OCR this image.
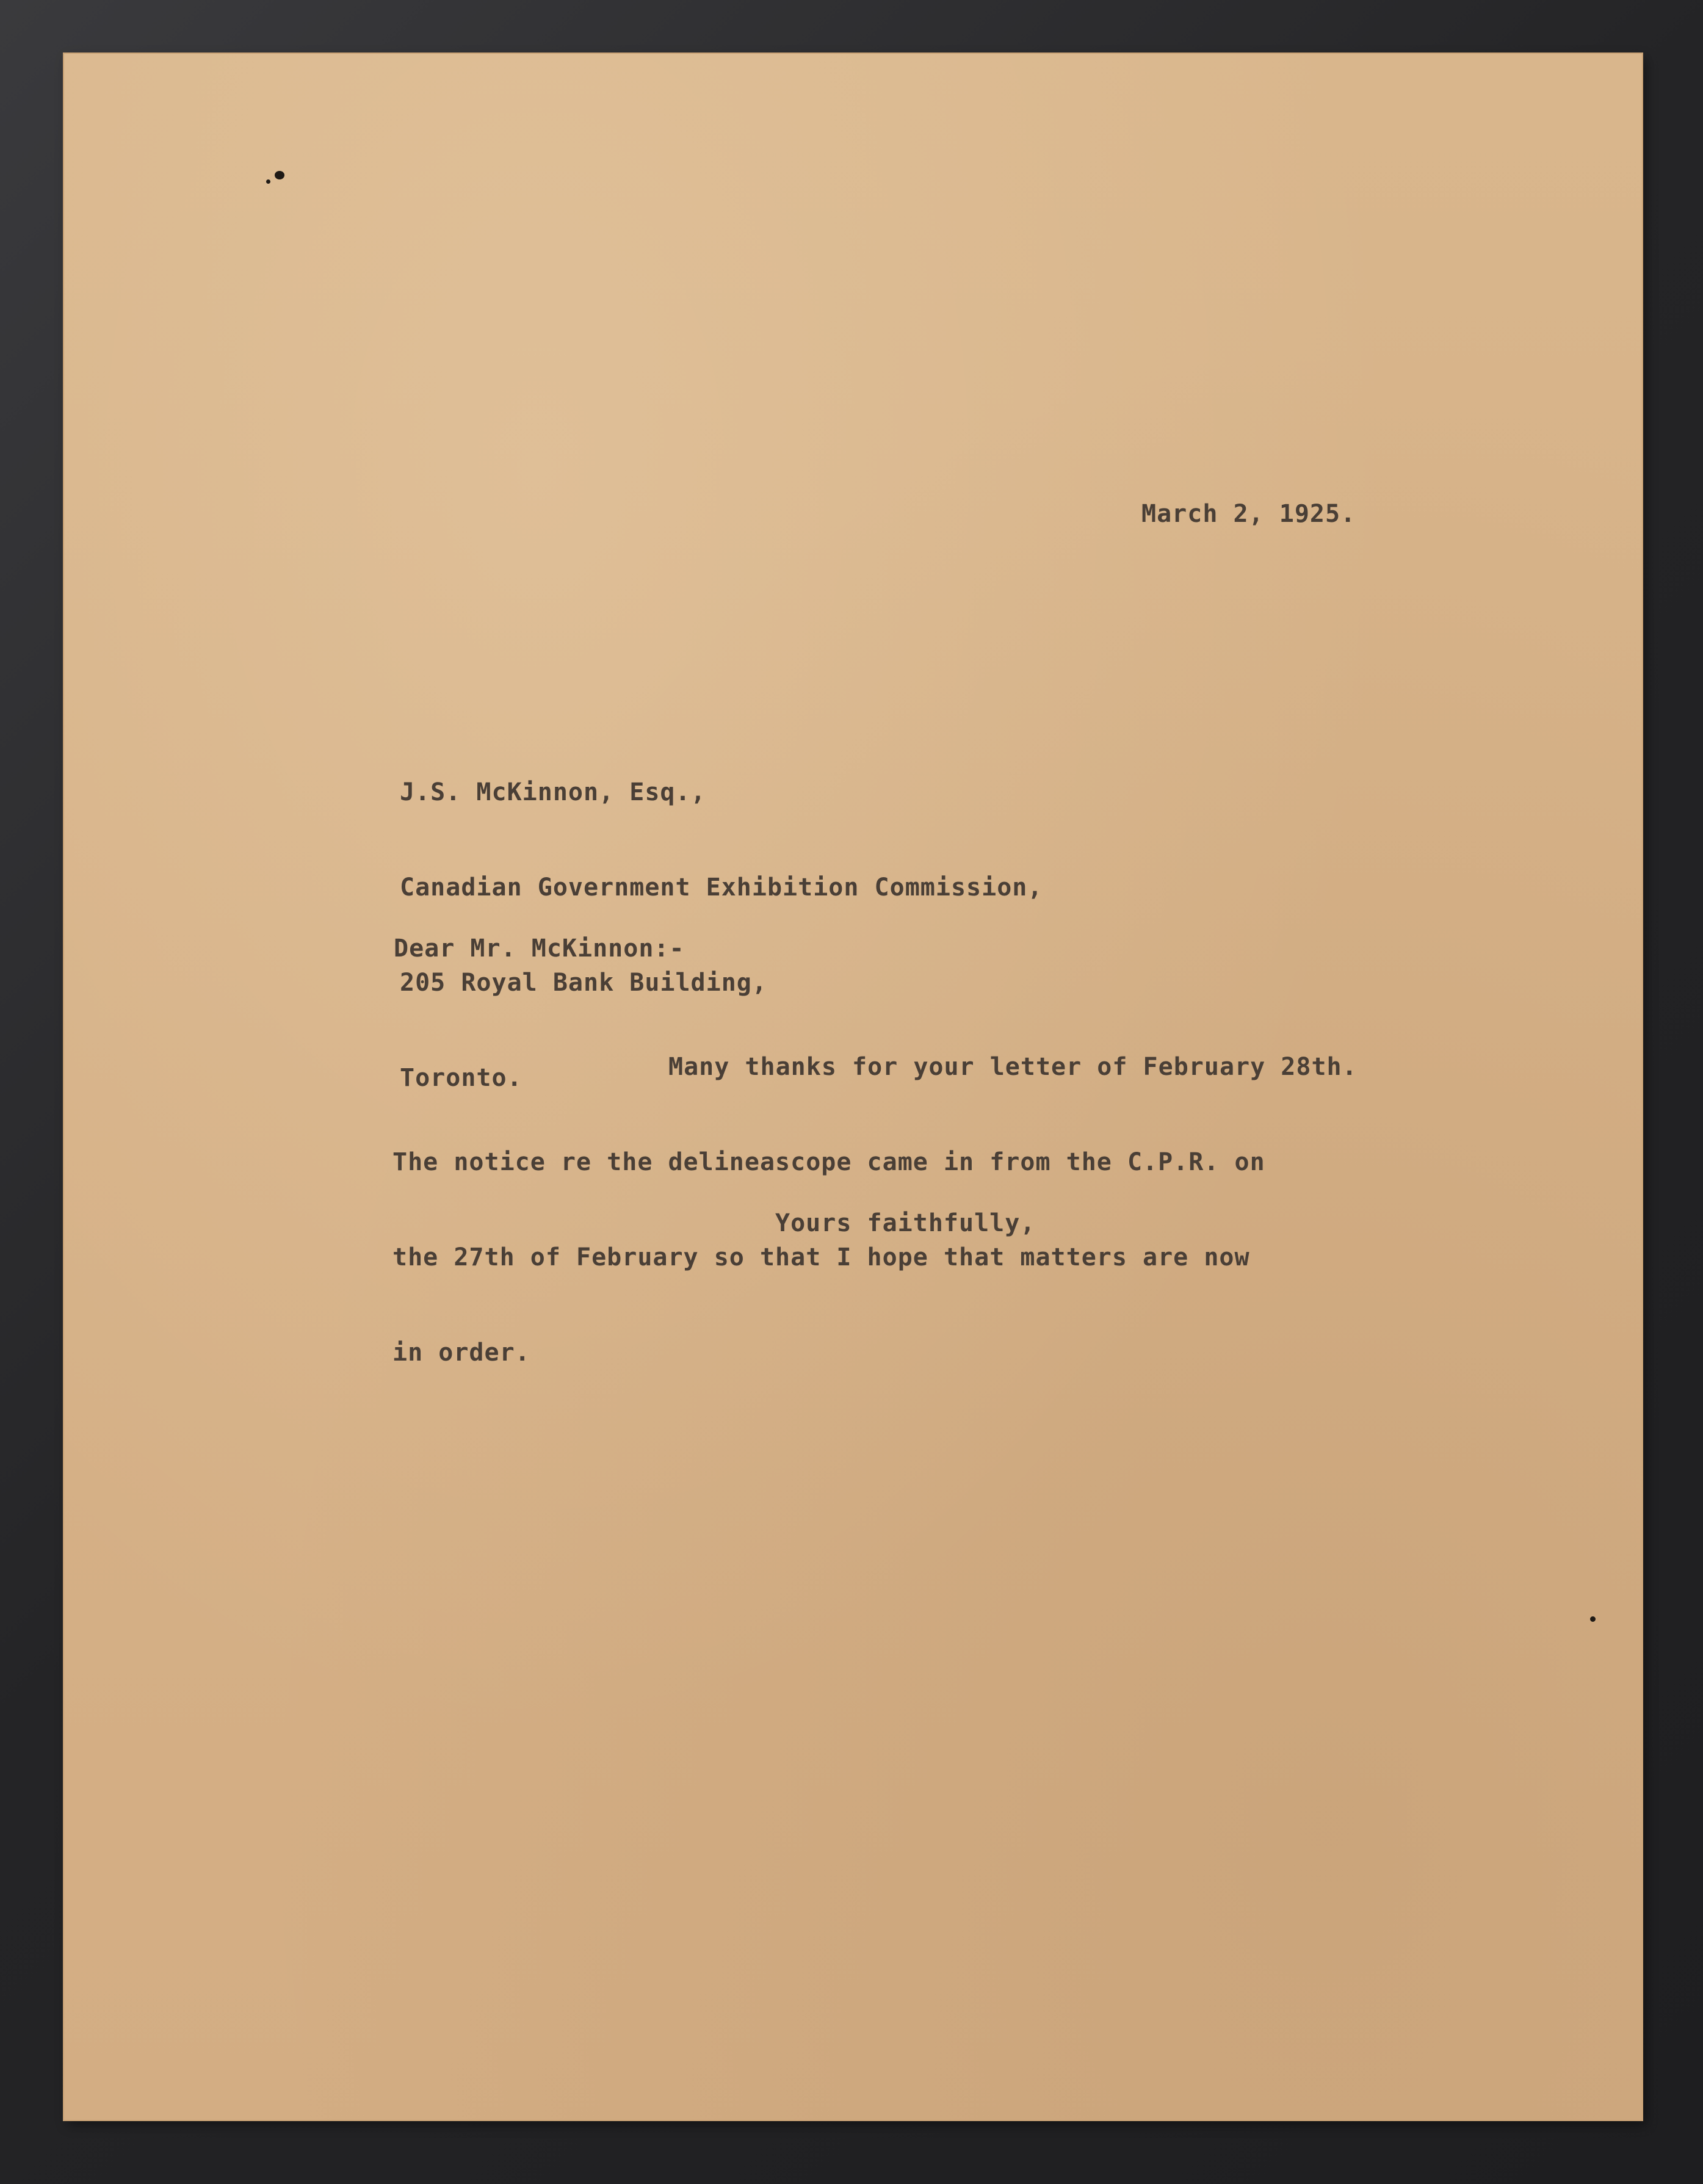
March 2, 1925.

J.S. McKinnon, Esq.,

Canadian Government Exhibition Commission,

205 Royal Bank Building,

Toronto.

Dear Mr. McKinnon:-

Many thanks for your letter of February 28th.

The notice re the delineascope came in from the C.P.R. on

the 27th of February so that I hope that matters are now

in order.

Yours faithfully,
